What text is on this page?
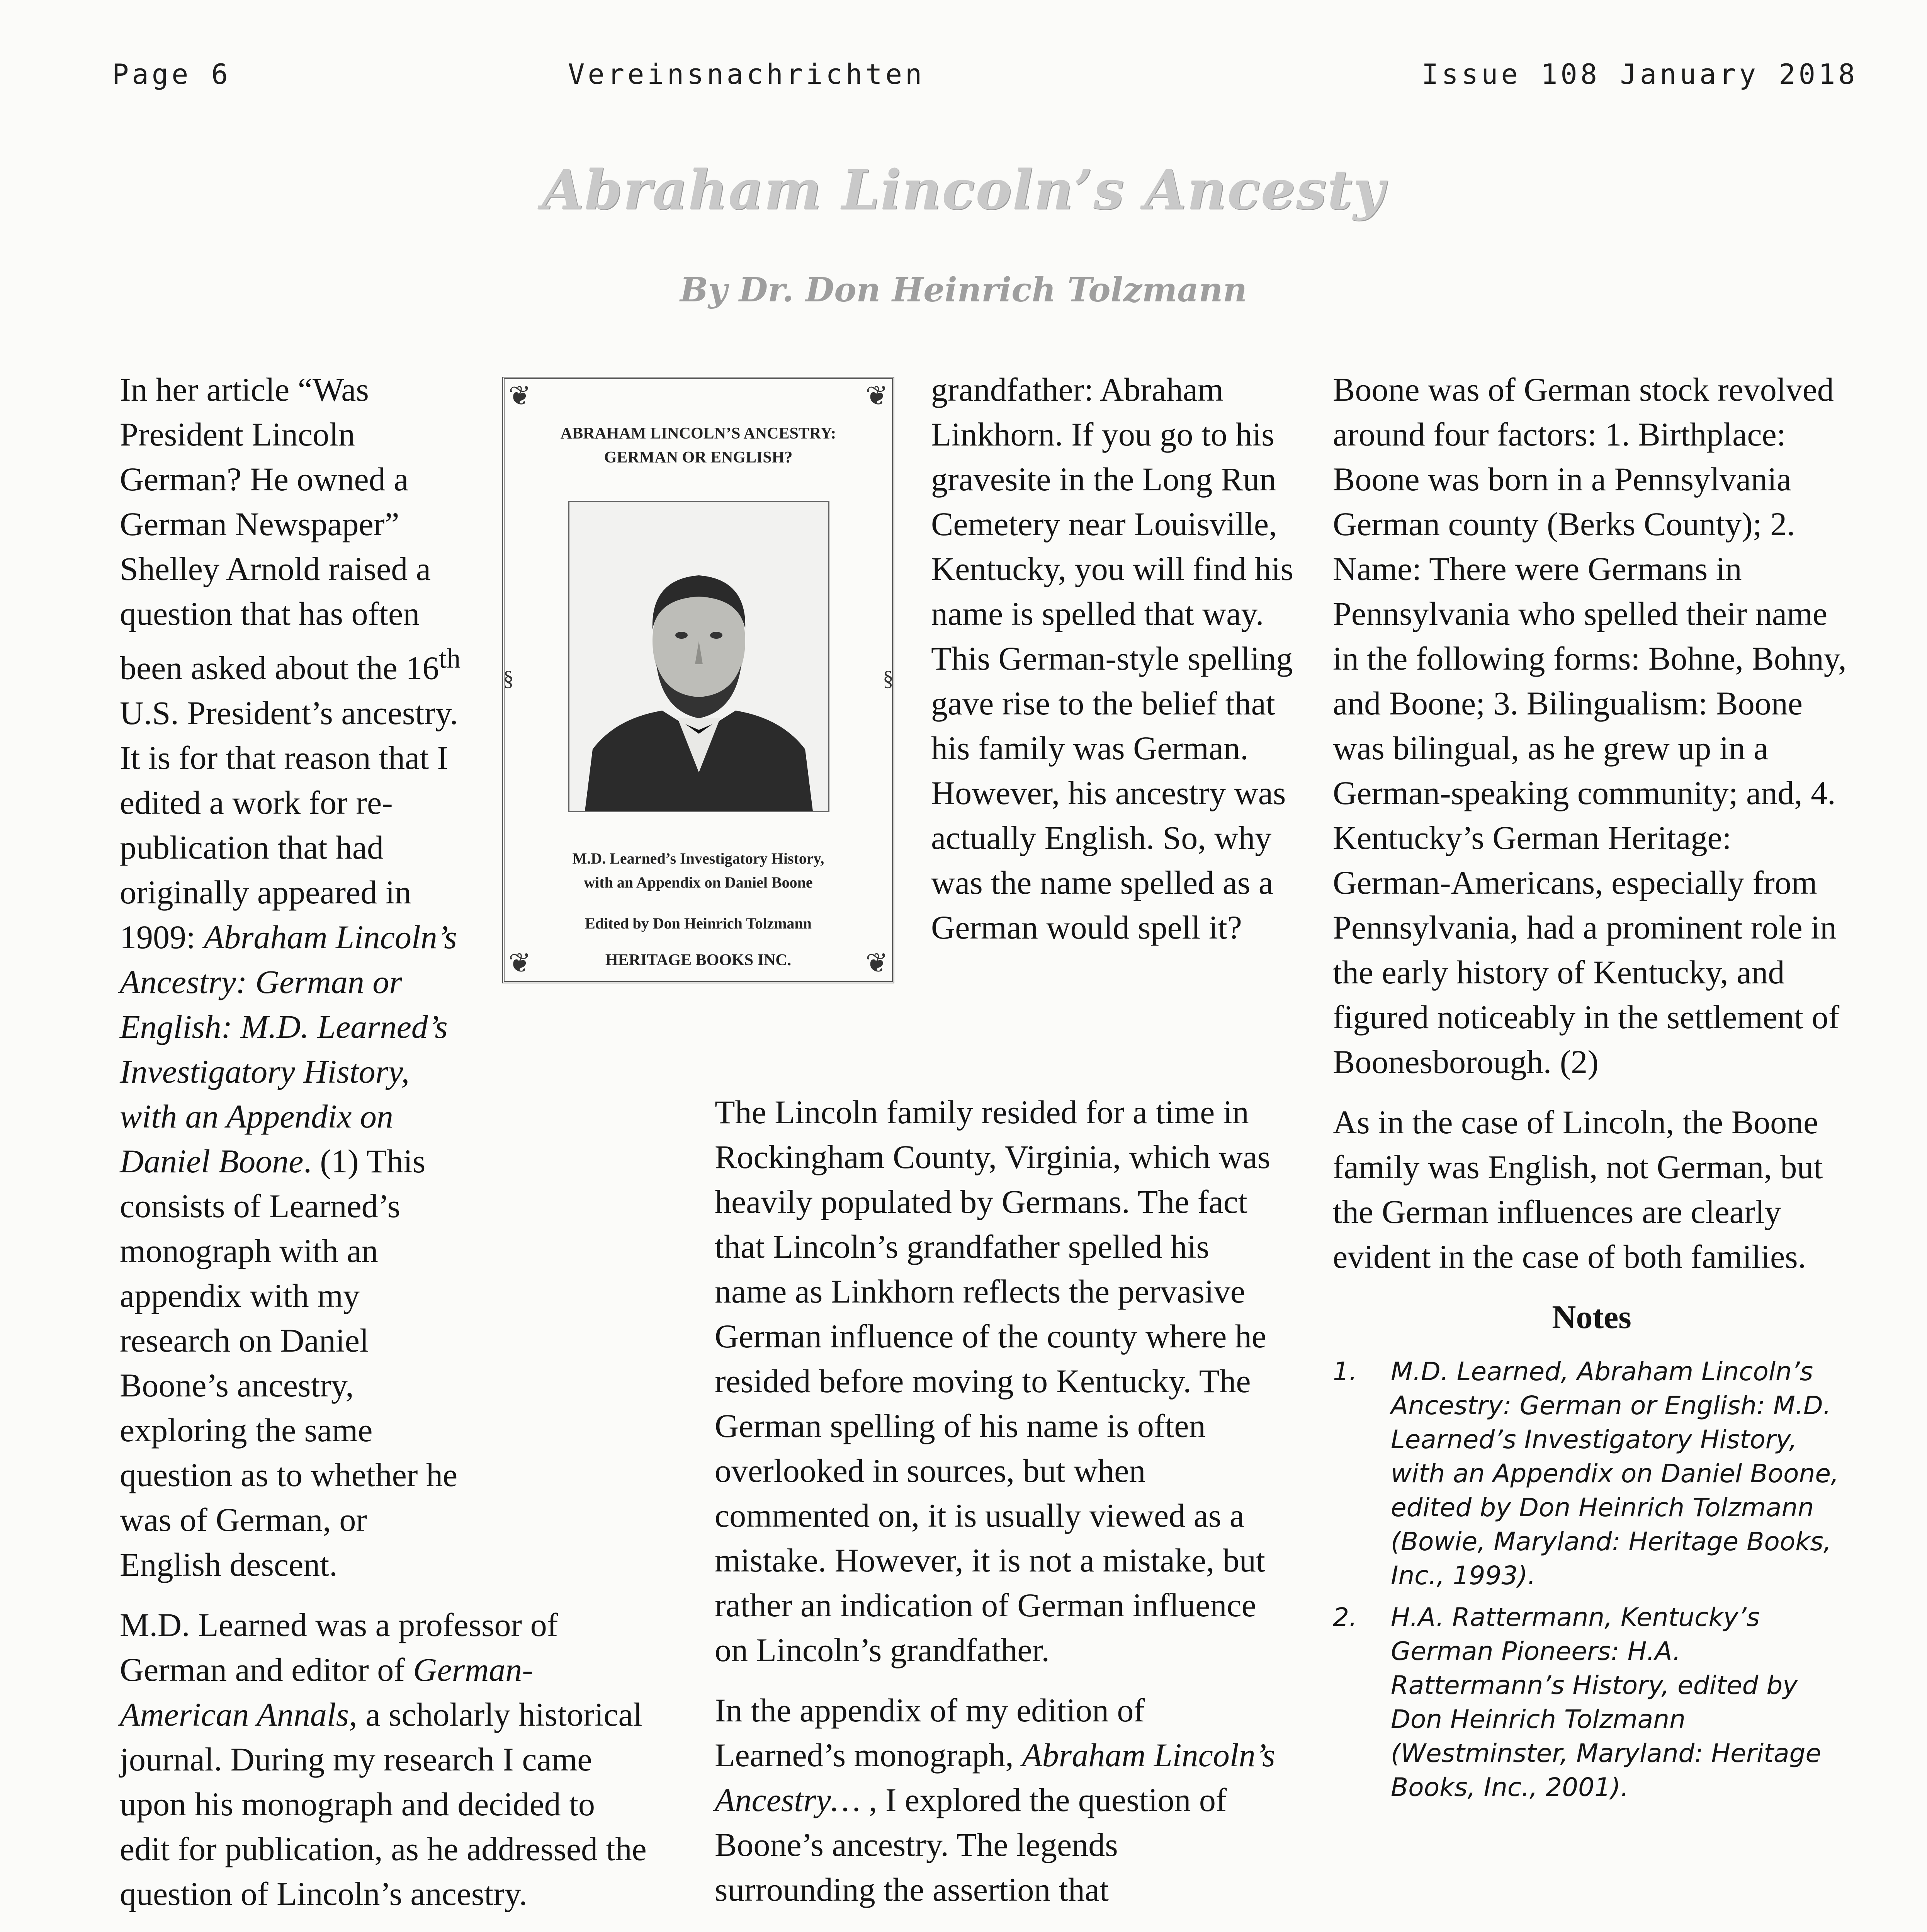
Page 6	Vereinsnachrichten	Issue 108 January 2018
Abraham Lincoln’s Ancesty
By Dr. Don Heinrich Tolzmann

In her article “Was President Lincoln German? He owned a German Newspaper” Shelley Arnold raised a question that has often been asked about the 16th U.S. President’s ancestry. It is for that reason that I edited a work for re-publication that had originally appeared in 1909: Abraham Lincoln’s Ancestry: German or English: M.D. Learned’s Investigatory History, with an Appendix on Daniel Boone. (1) This consists of Learned’s monograph with an appendix with my research on Daniel Boone’s ancestry, exploring the same question as to whether he was of German, or English descent.

M.D. Learned was a professor of German and editor of German-American Annals, a scholarly historical journal. During my research I came upon his monograph and decided to edit for publication, as he addressed the question of Lincoln’s ancestry.

❦	❦
❦	❦
§	§
ABRAHAM LINCOLN’S ANCESTRY:
GERMAN OR ENGLISH?
M.D. Learned’s Investigatory History,
with an Appendix on Daniel Boone
Edited by Don Heinrich Tolzmann
HERITAGE BOOKS INC.

grandfather: Abraham Linkhorn. If you go to his gravesite in the Long Run Cemetery near Louisville, Kentucky, you will find his name is spelled that way. This German-style spelling gave rise to the belief that his family was German. However, his ancestry was actually English. So, why was the name spelled as a German would spell it?

The Lincoln family resided for a time in Rockingham County, Virginia, which was heavily populated by Germans. The fact that Lincoln’s grandfather spelled his name as Linkhorn reflects the pervasive German influence of the county where he resided before moving to Kentucky. The German spelling of his name is often overlooked in sources, but when commented on, it is usually viewed as a mistake. However, it is not a mistake, but rather an indication of German influence on Lincoln’s grandfather.

In the appendix of my edition of Learned’s monograph, Abraham Lincoln’s Ancestry… , I explored the question of Boone’s ancestry. The legends surrounding the assertion that

Boone was of German stock revolved around four factors: 1. Birthplace: Boone was born in a Pennsylvania German county (Berks County); 2. Name: There were Germans in Pennsylvania who spelled their name in the following forms: Bohne, Bohny, and Boone; 3. Bilingualism: Boone was bilingual, as he grew up in a German-speaking community; and, 4. Kentucky’s German Heritage: German-Americans, especially from Pennsylvania, had a prominent role in the early history of Kentucky, and figured noticeably in the settlement of Boonesborough. (2)

As in the case of Lincoln, the Boone family was English, not German, but the German influences are clearly evident in the case of both families.

Notes
1. M.D. Learned, Abraham Lincoln’s Ancestry: German or English: M.D. Learned’s Investigatory History, with an Appendix on Daniel Boone, edited by Don Heinrich Tolzmann (Bowie, Maryland: Heritage Books, Inc., 1993).
2. H.A. Rattermann, Kentucky’s German Pioneers: H.A. Rattermann’s History, edited by Don Heinrich Tolzmann (Westminster, Maryland: Heritage Books, Inc., 2001).
